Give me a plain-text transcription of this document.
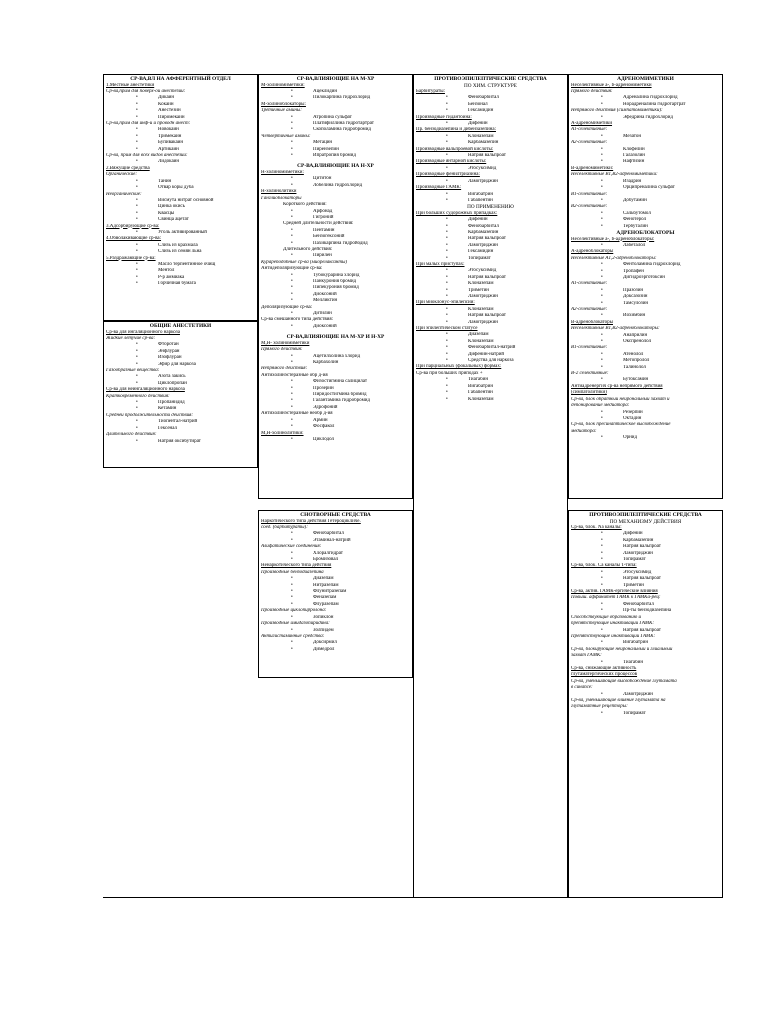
СР-ВА,ВЛ НА АФФЕРЕНТНЫЙ ОТДЕЛ
1.Местные анестетики
Ср-ва,прим для поверх-ой анестезии:
• Дикаин
• Кокаин
• Анестезин
• Пиромекаин
Ср-ва,прим для инф-й и проводн анест:
• Новокаин
• Тримекаин
• Бупивакаин
• Артикаин
Ср-ва, прим для всех видов анестезии:
• Лидокаин
2.Вяжущие средства
Органические:
• Танин
• Отвар коры дуба
Неорганические:
• Висмута нитрат основной
• Цинка окись
• Квасцы
• Свинца ацетат
3.Адсорбирующие ср-ва:
• Уголь активированный
4.Обволакивающие ср-ва:
• Слизь из крахмала
• Слизь из семян льна
5.Раздражающие ср-ва:
• Масло терпентинное очищ
• Ментол
• Р-р аммиака
• Горчичная бумага
ОБЩИЕ АНЕСТЕТИКИ
Ср-ва для ингаляционного наркоза
Жидкие летучие ср-ва:
• Фторотан
• Энфлуран
• Изофлуран
• Эфир для наркоза
Газообразные вещества:
• Азота закись
• Циклопропан
Ср-ва для неингаляционного наркоза
Кратковременного действия:
• Пропанидид
• Кетамин
Средней продолжительности действия:
• Тиопентал-натрий
• Гексенал
Длительного действия:
• Натрия оксибутират
СР-ВА,ВЛИЯЮЩИЕ НА М-ХР
М-холиномиметики:
• Ацеклидин
• Пилокарпина гидрохлорид
М-холиноблокаторы:
Третичные амины:
• Атропина сульфат
• Платифиллина гидротартрат
• Скополамина гидробромид
Четвертичные амины:
• Метацин
• Пирензепин
• Ипратропия бромид
СР-ВА,ВЛИЯЮЩИЕ НА Н-ХР
Н-холиномиметики:
• Цититон
• Лобелина гидрохлорид
Н-холинолитики
Ганглиоблокаторы
Короткого действия:
• Арфонад
• Гигроний
Средней длительности действия:
• Пентамин
• Бензогексоний
• Пахикарпина гидройодид
Длительного действия:
• Пирилен
Курареподобные ср-ва (миорелаксанты)
Антидеполяризующие ср-ва:
• Тубокурарина хлорид
• Панкурония бромид
• Пипекурония бромид
• Диоксоний
• Мелликтин
Деполяризующие ср-ва:
• Дитилин
Ср-ва смешанного типа действия:
• Диоксоний
СР-ВА,ВЛИЯЮЩИЕ НА М-ХР И Н-ХР
М,Н- холиномиметики
Прямого действия:
• Ацетилхолина хлорид
• Карбахолин
Непрямого действия:
Антихолинэстеразные обр д-ия
• Физостигмина салицилат
• Прозерин
• Пиридостигмина бромид
• Галантамина гидробромид
• Эдрофоний
Антихолинэстеразные необр д-ия
• Армин
• Фосфакол
М,Н-холинолитики:
• Циклодол
СНОТВОРНЫЕ СРЕДСТВА
Наркотического типа действия Гетероцикличе.
соед. (барбитураты):
• Фенобарбитал
• Этаминал-натрий
Алифатические соединения:
• Хлоралгидрат
• Бромизовал
Ненаркотического типа действия
Производные бензодиазепина
• Диазепам
• Нитразепам
• Флунитразепам
• Феназепам
• Флуразепам
Производные циклопирролона:
• Зопиклон
Производные имидазопиридина:
• Золпидем
Антигистаминные средства:
• Доксирмил
• Димедрол
ПРОТИВОЭПИЛЕПТИЧЕСКИЕ СРЕДСТВА
ПО ХИМ. СТРУКТУРЕ
Барбитураты:
• Фенобарбитал
• Бензонал
• Гексамидин
Производные гидантоина:
• Дифенин
Пр. бензодиазепина и дибензазепина:
• Клоназепам
• Карбамазепин
Производные вальпроевой кислоты:
• Натрия вальпроат
Производные янтарной кислоты:
• Этосуксимид
Производные фенилтриазина:
• Ламотриджин
Производные ГАМК:
• Вигабатрин
• Габапентин
ПО ПРИМЕНЕНИЮ
При больших судорожных припадках:
• Дифенин
• Фенобарбитал
• Карбамазепин
• Натрия вальпроат
• Ламотриджин
• Гексамидин
• Топирамат
При малых приступах:
• Этосуксимид
• Натрия вальпроат
• Клоназепам
• Триметин
• Ламотриджин
При миоклонус-эпилепсии:
• Клоназепам
• Натрия вальпроат
• Ламотриджин
При эпилептическом статусе
• Диазепам
• Клоназепам
• Фенобарбитал-натрий
• Дифенин-натрий
• Средства для наркоза
При парциальных (фокальных) формах:
Ср-ва при больших приподах +
• Тиагабин
• Вигабатрин
• Габапентин
• Клоназепам
АДРЕНОМИМЕТИКИ
Неселективные a-, b-адреномиметики
Прямого действия:
• Адреналина гидрохлорид
• Норадреналина гидротартрат
Непрямого действия (симпатомиметики):
• Эфедрина гидрохлорид
A-адреномиметики
A1-селективные:
• Мезатон
A2-селективные:
• Клофелин
• Галазолин
• Нафтизин
B-адреномиметики:
Неселективные B1,B2-адреномиметики:
• Изадрин
• Орципреналина сульфат
B1-селективные:
• Добутамин
B2-селективные:
• Сальбутомол
• Фенотерол
• Тербуталин
АДРЕНОБЛОКАТОРЫ
Неселективные a-, b-адреноблокаторы:
• Лабеталол
A-адреноблокаторы
Неселективные A1,2-адреноблокаторы:
• Фентоламина гидрохлорид
• Тропафен
• Дигидроэрготоксин
A1-селективные:
• Празозин
• Доксазозин
• Тамсулозин
A2-селективные:
• Йохимбин
B-адреноблокаторы
Неселективные B1,B2-адреноблокаторы:
• Анаприлин
• Окспренолол
B1-селективные:
• Атенолол
• Метопролол
• Талинолол
B-2 селективные:
• Бутоксамин
Антиадренергич ср-ва непрямого действия
(симпатолитики)
Ср-ва, блок обратный нейрональный захват и
депонирование медиатора:
• Резерпин
• Октадин
Ср-ва, блок пресинаптическое высвобождение
медиатора:
• Орнид
ПРОТИВОЭПИЛЕПТИЧЕСКИЕ СРЕДСТВА
ПО МЕХАНИЗМУ ДЕЙСТВИЯ
Ср-ва, блок. Na каналы:
• Дифенин
• Карбамазепин
• Натрия вальпроат
• Ламотриджин
• Топирамат
Ср-ва, блок. Ca каналы T-типа:
• Этосуксимид
• Натрия вальпроат
• Триметин
Ср-ва, актив. ГАМК-ергические влияния
Повыш. аффинитет ГАМК к ГАМКа-рец:
• Фенобарбитал
• Пр-ты бензодиазепина
Способствующие образованию и
препятствующие инактивации ГАМК:
• Натрия вальпроат
Препятствующие инактивации ГАМК:
• Вигабатрин
Ср-ва, блокирующие нейрональный и глиальный
захват ГАМК:
• Тиагабин
Ср-ва, снижающие активность
глутаматергических процессов
Ср-ва, уменьшающие высвобождение глутамата
в синапсе:
• Ламотриджин
Ср-ва, уменьшающие влияние глутамата на
глутаматные рецепторы:
• Топирамат
